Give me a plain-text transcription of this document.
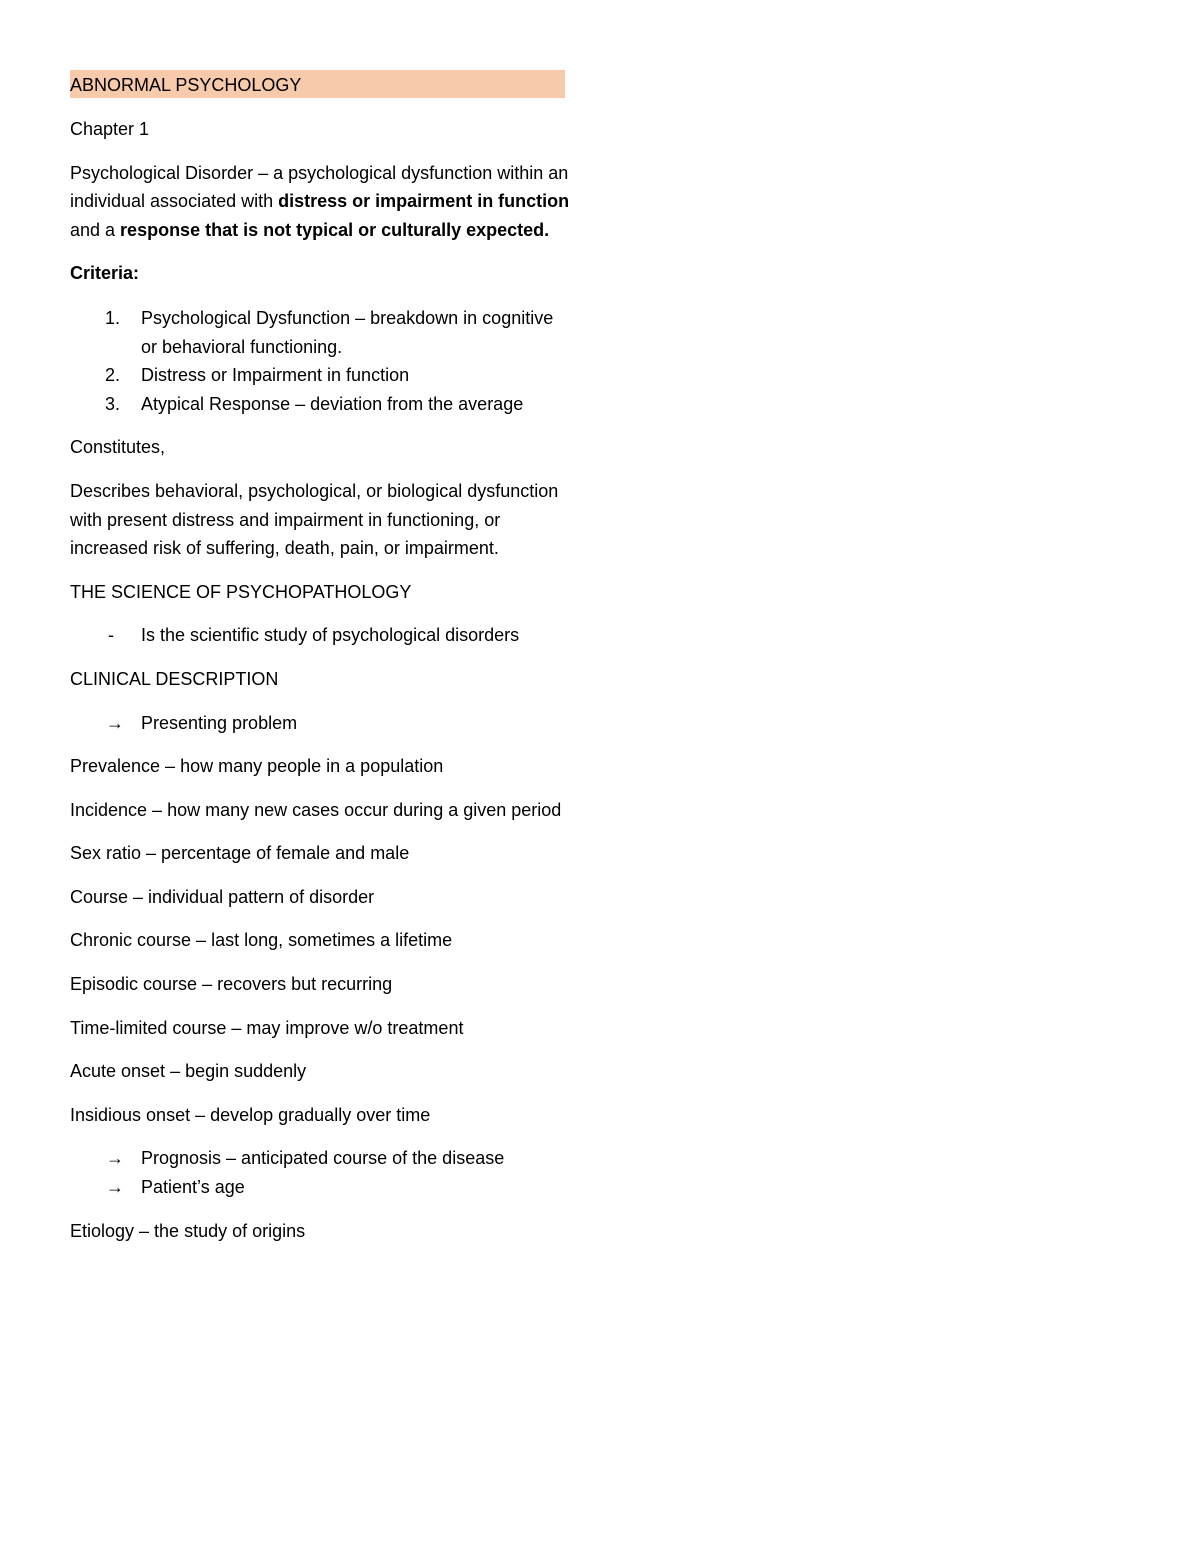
ABNORMAL PSYCHOLOGY

Chapter 1

Psychological Disorder – a psychological dysfunction within an individual associated with distress or impairment in function and a response that is not typical or culturally expected.

Criteria:

1. Psychological Dysfunction – breakdown in cognitive or behavioral functioning.
2. Distress or Impairment in function
3. Atypical Response – deviation from the average

Constitutes,

Describes behavioral, psychological, or biological dysfunction with present distress and impairment in functioning, or increased risk of suffering, death, pain, or impairment.

THE SCIENCE OF PSYCHOPATHOLOGY

- Is the scientific study of psychological disorders

CLINICAL DESCRIPTION

→ Presenting problem

Prevalence – how many people in a population

Incidence – how many new cases occur during a given period

Sex ratio – percentage of female and male

Course – individual pattern of disorder

Chronic course – last long, sometimes a lifetime

Episodic course – recovers but recurring

Time-limited course – may improve w/o treatment

Acute onset – begin suddenly

Insidious onset – develop gradually over time

→ Prognosis – anticipated course of the disease
→ Patient’s age

Etiology – the study of origins
